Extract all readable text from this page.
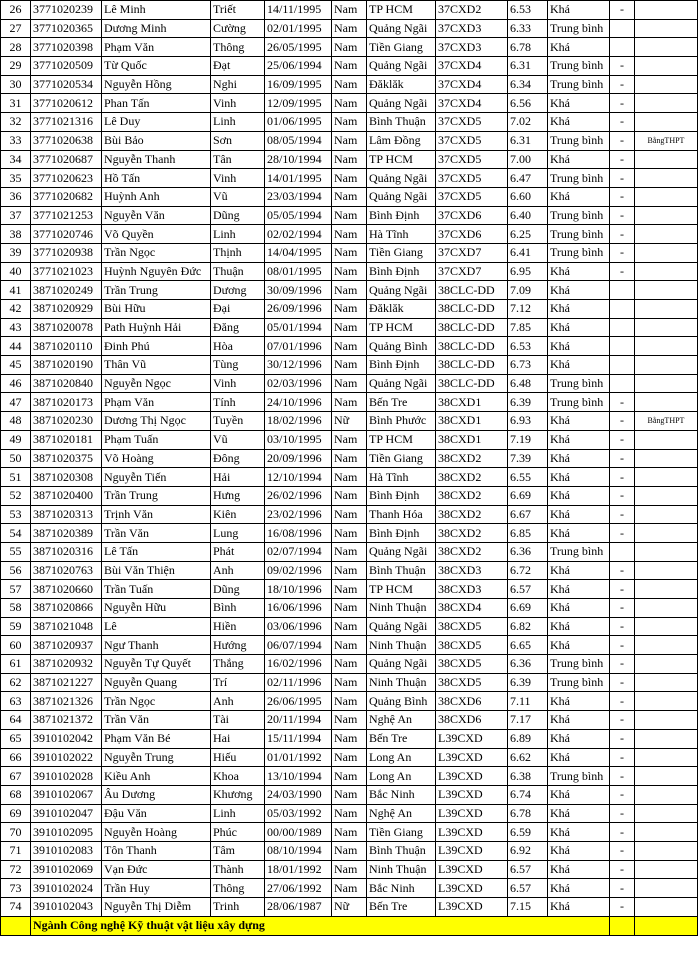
26	3771020239	Lê Minh	Triết	14/11/1995	Nam	TP HCM	37CXD2	6.53	Khá	-	
27	3771020365	Dương Minh	Cường	02/01/1995	Nam	Quảng Ngãi	37CXD3	6.33	Trung bình		
28	3771020398	Phạm Văn	Thông	26/05/1995	Nam	Tiền Giang	37CXD3	6.78	Khá		
29	3771020509	Từ Quốc	Đạt	25/06/1994	Nam	Quảng Ngãi	37CXD4	6.31	Trung bình	-	
30	3771020534	Nguyễn Hồng	Nghi	16/09/1995	Nam	Đăklăk	37CXD4	6.34	Trung bình	-	
31	3771020612	Phan Tấn	Vinh	12/09/1995	Nam	Quảng Ngãi	37CXD4	6.56	Khá	-	
32	3771021316	Lê Duy	Linh	01/06/1995	Nam	Bình Thuận	37CXD5	7.02	Khá	-	
33	3771020638	Bùi Bảo	Sơn	08/05/1994	Nam	Lâm Đồng	37CXD5	6.31	Trung bình	-	BằngTHPT
34	3771020687	Nguyễn Thanh	Tân	28/10/1994	Nam	TP HCM	37CXD5	7.00	Khá	-	
35	3771020623	Hồ Tấn	Vinh	14/01/1995	Nam	Quảng Ngãi	37CXD5	6.47	Trung bình	-	
36	3771020682	Huỳnh Anh	Vũ	23/03/1994	Nam	Quảng Ngãi	37CXD5	6.60	Khá	-	
37	3771021253	Nguyễn Văn	Dũng	05/05/1994	Nam	Bình Định	37CXD6	6.40	Trung bình	-	
38	3771020746	Võ Quyền	Linh	02/02/1994	Nam	Hà Tĩnh	37CXD6	6.25	Trung bình	-	
39	3771020938	Trần Ngọc	Thịnh	14/04/1995	Nam	Tiền Giang	37CXD7	6.41	Trung bình	-	
40	3771021023	Huỳnh Nguyên Đức	Thuận	08/01/1995	Nam	Bình Định	37CXD7	6.95	Khá	-	
41	3871020249	Trần Trung	Dương	30/09/1996	Nam	Quảng Ngãi	38CLC-DD	7.09	Khá		
42	3871020929	Bùi Hữu	Đại	26/09/1996	Nam	Đăklăk	38CLC-DD	7.12	Khá		
43	3871020078	Path Huỳnh Hải	Đăng	05/01/1994	Nam	TP HCM	38CLC-DD	7.85	Khá		
44	3871020110	Đinh Phú	Hòa	07/01/1996	Nam	Quảng Bình	38CLC-DD	6.53	Khá		
45	3871020190	Thân Vũ	Tùng	30/12/1996	Nam	Bình Định	38CLC-DD	6.73	Khá		
46	3871020840	Nguyễn Ngọc	Vinh	02/03/1996	Nam	Quảng Ngãi	38CLC-DD	6.48	Trung bình		
47	3871020173	Phạm Văn	Tính	24/10/1996	Nam	Bến Tre	38CXD1	6.39	Trung bình	-	
48	3871020230	Dương Thị Ngọc	Tuyền	18/02/1996	Nữ	Bình Phước	38CXD1	6.93	Khá	-	BằngTHPT
49	3871020181	Phạm Tuấn	Vũ	03/10/1995	Nam	TP HCM	38CXD1	7.19	Khá	-	
50	3871020375	Võ Hoàng	Đông	20/09/1996	Nam	Tiền Giang	38CXD2	7.39	Khá	-	
51	3871020308	Nguyễn Tiến	Hải	12/10/1994	Nam	Hà Tĩnh	38CXD2	6.55	Khá	-	
52	3871020400	Trần Trung	Hưng	26/02/1996	Nam	Bình Định	38CXD2	6.69	Khá	-	
53	3871020313	Trịnh Văn	Kiên	23/02/1996	Nam	Thanh Hóa	38CXD2	6.67	Khá	-	
54	3871020389	Trần Văn	Lung	16/08/1996	Nam	Bình Định	38CXD2	6.85	Khá	-	
55	3871020316	Lê Tấn	Phát	02/07/1994	Nam	Quảng Ngãi	38CXD2	6.36	Trung bình		
56	3871020763	Bùi Văn Thiện	Anh	09/02/1996	Nam	Bình Thuận	38CXD3	6.72	Khá	-	
57	3871020660	Trần Tuấn	Dũng	18/10/1996	Nam	TP HCM	38CXD3	6.57	Khá	-	
58	3871020866	Nguyễn Hữu	Bình	16/06/1996	Nam	Ninh Thuận	38CXD4	6.69	Khá	-	
59	3871021048	Lê	Hiền	03/06/1996	Nam	Quảng Ngãi	38CXD5	6.82	Khá	-	
60	3871020937	Ngư Thanh	Hướng	06/07/1994	Nam	Ninh Thuận	38CXD5	6.65	Khá	-	
61	3871020932	Nguyễn Tự Quyết	Thắng	16/02/1996	Nam	Quảng Ngãi	38CXD5	6.36	Trung bình	-	
62	3871021227	Nguyễn Quang	Trí	02/11/1996	Nam	Ninh Thuận	38CXD5	6.39	Trung bình	-	
63	3871021326	Trần Ngọc	Anh	26/06/1995	Nam	Quảng Bình	38CXD6	7.11	Khá	-	
64	3871021372	Trần Văn	Tài	20/11/1994	Nam	Nghệ An	38CXD6	7.17	Khá	-	
65	3910102042	Phạm Văn Bé	Hai	15/11/1994	Nam	Bến Tre	L39CXD	6.89	Khá	-	
66	3910102022	Nguyễn Trung	Hiếu	01/01/1992	Nam	Long An	L39CXD	6.62	Khá	-	
67	3910102028	Kiều Anh	Khoa	13/10/1994	Nam	Long An	L39CXD	6.38	Trung bình	-	
68	3910102067	Âu Dương	Khương	24/03/1990	Nam	Bắc Ninh	L39CXD	6.74	Khá	-	
69	3910102047	Đậu Văn	Linh	05/03/1992	Nam	Nghệ An	L39CXD	6.78	Khá	-	
70	3910102095	Nguyễn Hoàng	Phúc	00/00/1989	Nam	Tiền Giang	L39CXD	6.59	Khá	-	
71	3910102083	Tôn Thanh	Tâm	08/10/1994	Nam	Bình Thuận	L39CXD	6.92	Khá	-	
72	3910102069	Vạn Đức	Thành	18/01/1992	Nam	Ninh Thuận	L39CXD	6.57	Khá	-	
73	3910102024	Trần Huy	Thông	27/06/1992	Nam	Bắc Ninh	L39CXD	6.57	Khá	-	
74	3910102043	Nguyễn Thị Diễm	Trinh	28/06/1987	Nữ	Bến Tre	L39CXD	7.15	Khá	-	
	Ngành Công nghệ Kỹ thuật vật liệu xây dựng										
